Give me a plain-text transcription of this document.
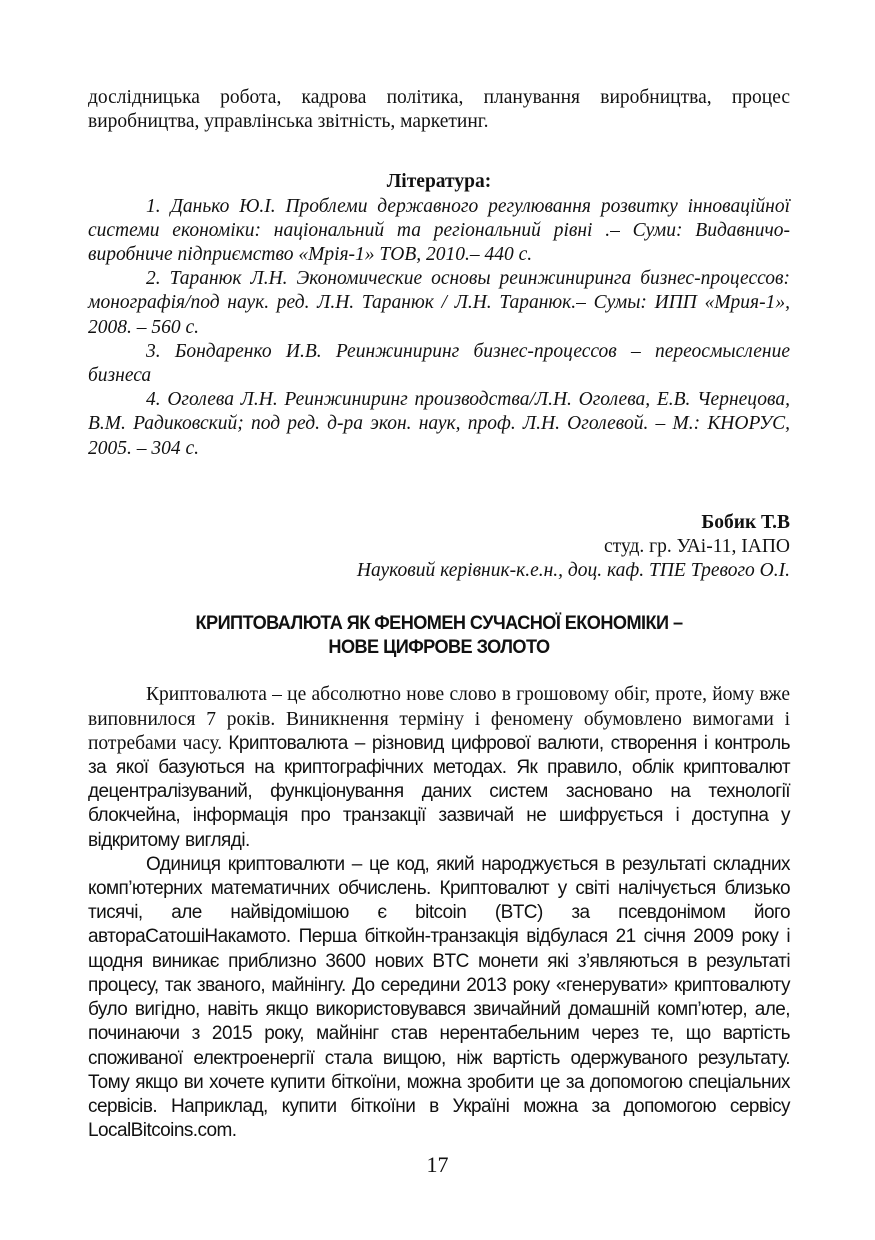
дослідницька робота, кадрова політика, планування виробництва, процес виробництва, управлінська звітність, маркетинг.

Література:

1. Данько Ю.І. Проблеми державного регулювання розвитку інноваційної системи економіки: національний та регіональний рівні .– Суми: Видавничо-виробниче підприємство «Мрія-1» ТОВ, 2010.– 440 с.

2. Таранюк Л.Н. Экономические основы реинжиниринга бизнес-процессов: монографія/под наук. ред. Л.Н. Таранюк / Л.Н. Таранюк.– Сумы: ИПП «Мрия-1», 2008. – 560 с.

3. Бондаренко И.В. Реинжиниринг бизнес-процессов – переосмысление бизнеса

4. Оголева Л.Н. Реинжиниринг производства/Л.Н. Оголева, Е.В. Чернецова, В.М. Радиковский; под ред. д-ра экон. наук, проф. Л.Н. Оголевой. – М.: КНОРУС, 2005. – 304 с.

Бобик Т.В
студ. гр. УАі-11, ІАПО
Науковий керівник-к.е.н., доц. каф. ТПЕ Тревого О.І.
КРИПТОВАЛЮТА ЯК ФЕНОМЕН СУЧАСНОЇ ЕКОНОМІКИ –
НОВЕ ЦИФРОВЕ ЗОЛОТО

Криптовалюта – це абсолютно нове слово в грошовому обіг, проте, йому вже виповнилося 7 років. Виникнення терміну і феномену обумовлено вимогами і потребами часу. Криптовалюта – різновид цифрової валюти, створення і контроль за якої базуються на криптографічних методах. Як правило, облік криптовалют децентралізуваний, функціонування даних систем засновано на технології блокчейна, інформація про транзакції зазвичай не шифрується і доступна у відкритому вигляді.

Одиниця криптовалюти – це код, який народжується в результаті складних комп’ютерних математичних обчислень. Криптовалют у світі налічується близько тисячі, але найвідомішою є bitcoin (BTC) за псевдонімом його автораСатошіНакамото. Перша біткойн-транзакція відбулася 21 січня 2009 року і щодня виникає приблизно 3600 нових BTC монети які з’являються в результаті процесу, так званого, майнінгу. До середини 2013 року «генерувати» криптовалюту було вигідно, навіть якщо використовувався звичайний домашній комп’ютер, але, починаючи з 2015 року, майнінг став нерентабельним через те, що вартість споживаної електроенергії стала вищою, ніж вартість одержуваного результату. Тому якщо ви хочете купити біткоїни, можна зробити це за допомогою спеціальних сервісів. Наприклад, купити біткоїни в Україні можна за допомогою сервісу LocalBitcoins.com.

17
